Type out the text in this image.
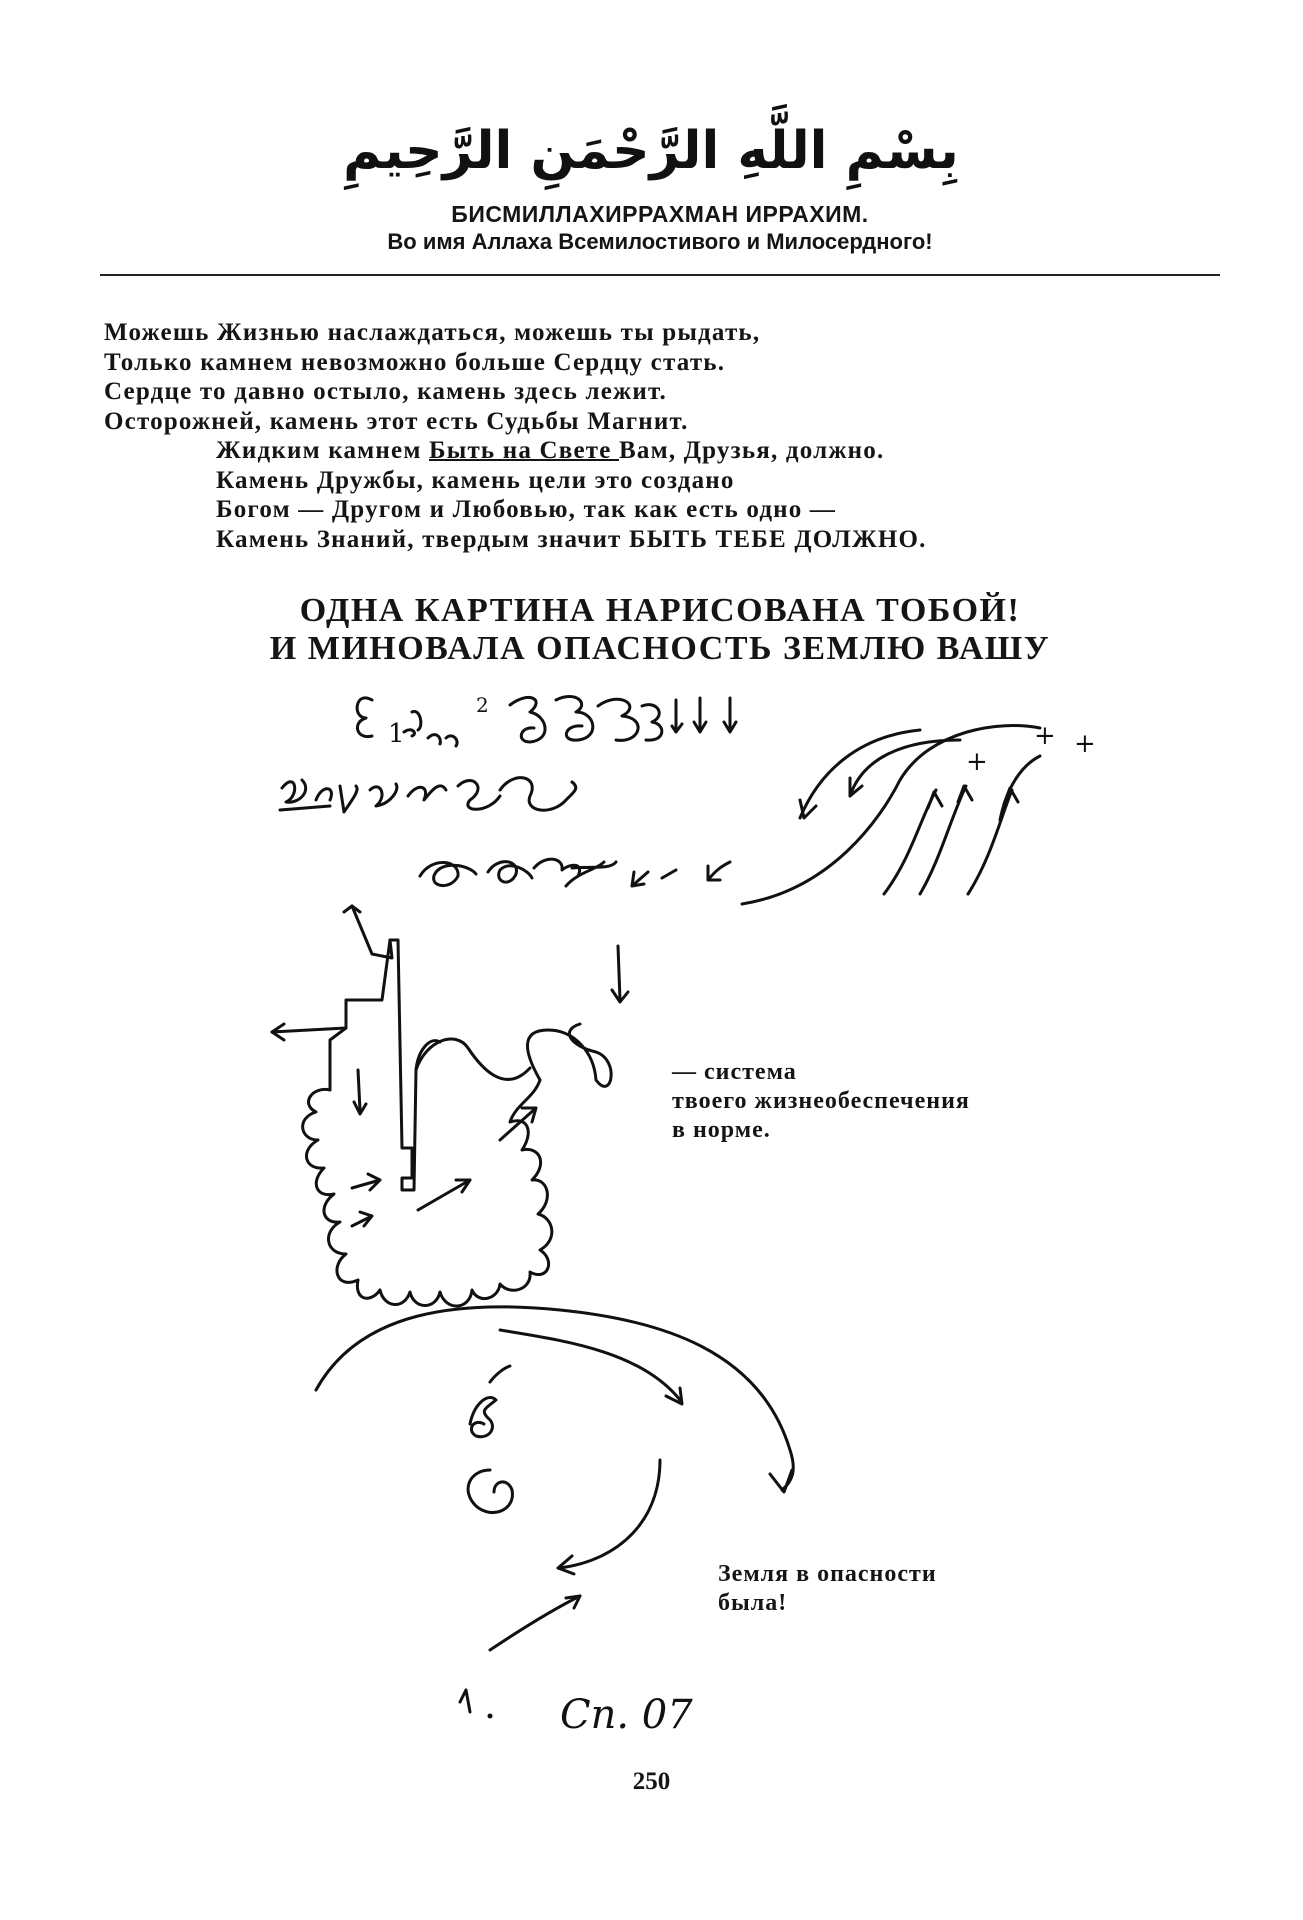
بِسْمِ اللَّهِ الرَّحْمَنِ الرَّحِيمِ
БИСМИЛЛАХИРРАХМАН ИРРАХИМ.
Во имя Аллаха Всемилостивого и Милосердного!
Можешь Жизнью наслаждаться, можешь ты рыдать,
Только камнем невозможно больше Сердцу стать.
Сердце то давно остыло, камень здесь лежит.
Осторожней, камень этот есть Судьбы Магнит.
Жидким камнем Быть на Свете Вам, Друзья, должно.
Камень Дружбы, камень цели это создано
Богом — Другом и Любовью, так как есть одно —
Камень Знаний, твердым значит БЫТЬ ТЕБЕ ДОЛЖНО.
ОДНА КАРТИНА НАРИСОВАНА ТОБОЙ!
И МИНОВАЛА ОПАСНОСТЬ ЗЕМЛЮ ВАШУ
1
2
+
+ +
Cn. 07
— система
твоего жизнеобеспечения
в норме.
Земля в опасности
была!
250
